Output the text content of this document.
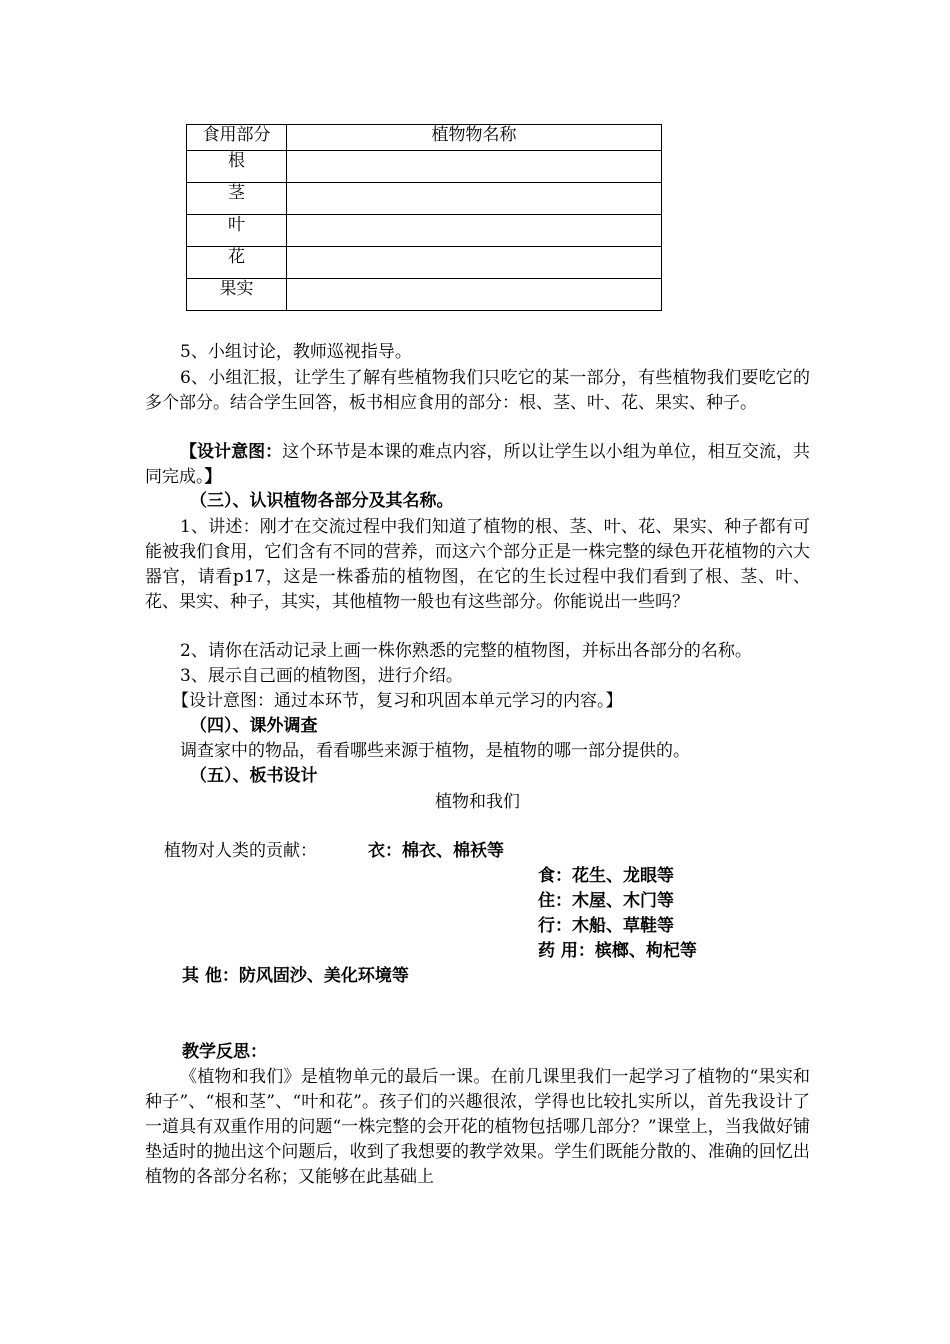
食用部分	植物物名称
根	
茎	
叶	
花	
果实	
5、小组讨论，教师巡视指导。
6、小组汇报，让学生了解有些植物我们只吃它的某一部分，有些植物我们要吃它的多个部分。结合学生回答，板书相应食用的部分：根、茎、叶、花、果实、种子。
【设计意图：这个环节是本课的难点内容，所以让学生以小组为单位，相互交流，共同完成。】
（三）、认识植物各部分及其名称。
1、讲述：刚才在交流过程中我们知道了植物的根、茎、叶、花、果实、种子都有可能被我们食用，它们含有不同的营养，而这六个部分正是一株完整的绿色开花植物的六大器官，请看p17，这是一株番茄的植物图，在它的生长过程中我们看到了根、茎、叶、花、果实、种子，其实，其他植物一般也有这些部分。你能说出一些吗？
2、请你在活动记录上画一株你熟悉的完整的植物图，并标出各部分的名称。
3、展示自己画的植物图，进行介绍。
【设计意图：通过本环节，复习和巩固本单元学习的内容。】
（四）、课外调查
调查家中的物品，看看哪些来源于植物，是植物的哪一部分提供的。
（五）、板书设计
植物和我们
植物对人类的贡献：	衣：棉衣、棉袄等
食：花生、龙眼等
住：木屋、木门等
行：木船、草鞋等
药 用：槟榔、枸杞等
其 他：防风固沙、美化环境等
教学反思：
《植物和我们》是植物单元的最后一课。在前几课里我们一起学习了植物的“果实和种子”、“根和茎”、“叶和花”。孩子们的兴趣很浓，学得也比较扎实所以，首先我设计了一道具有双重作用的问题“一株完整的会开花的植物包括哪几部分？”课堂上，当我做好铺垫适时的抛出这个问题后，收到了我想要的教学效果。学生们既能分散的、准确的回忆出植物的各部分名称；又能够在此基础上
